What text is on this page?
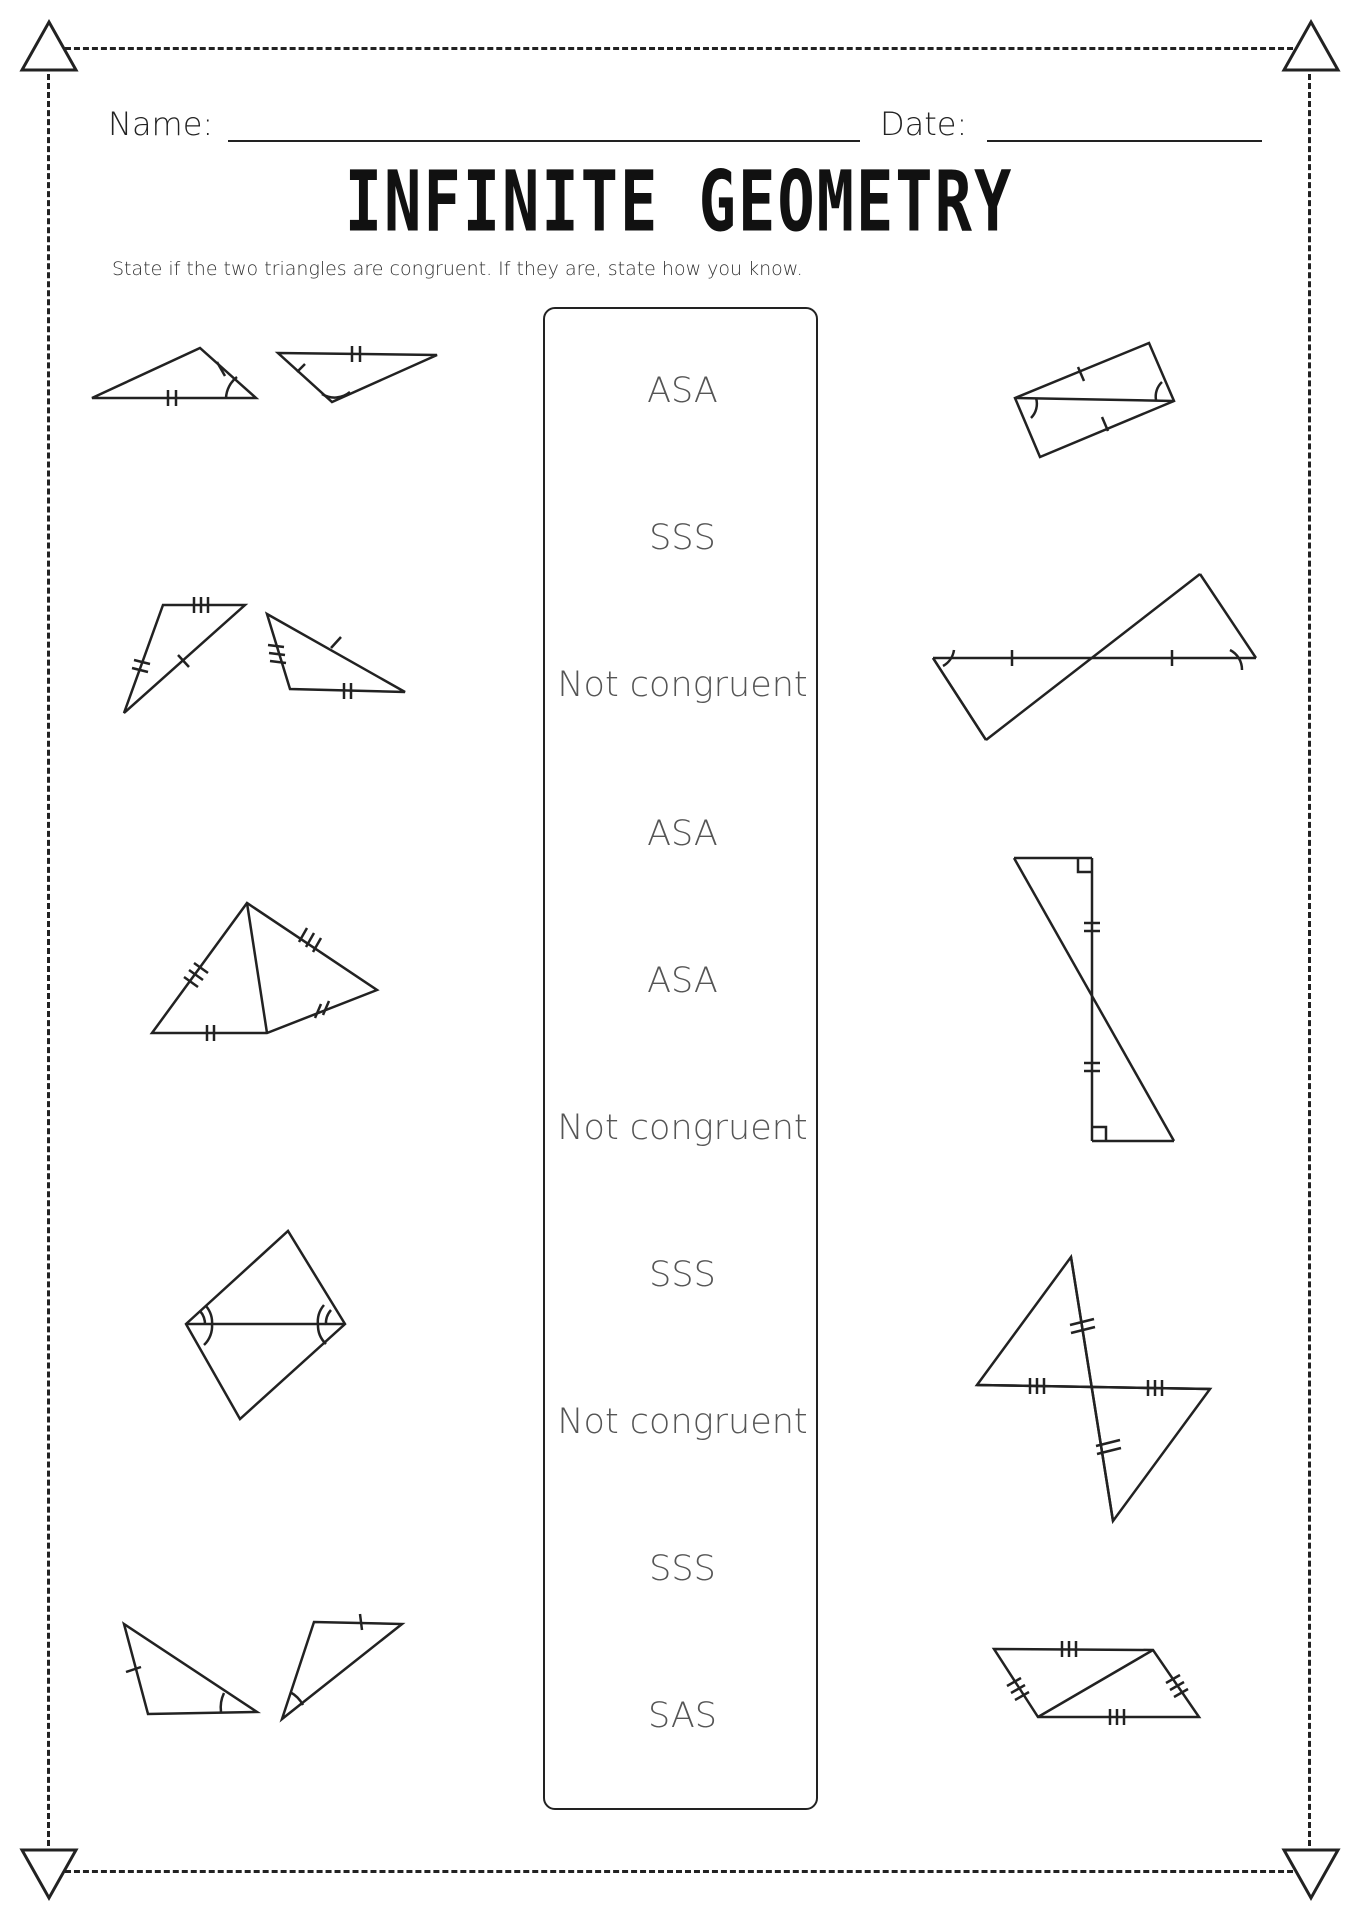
Name:	Date:
INFINITE GEOMETRY
State if the two triangles are congruent. If they are, state how you know.
ASA
SSS
Not congruent
ASA
ASA
Not congruent
SSS
Not congruent
SSS
SAS
